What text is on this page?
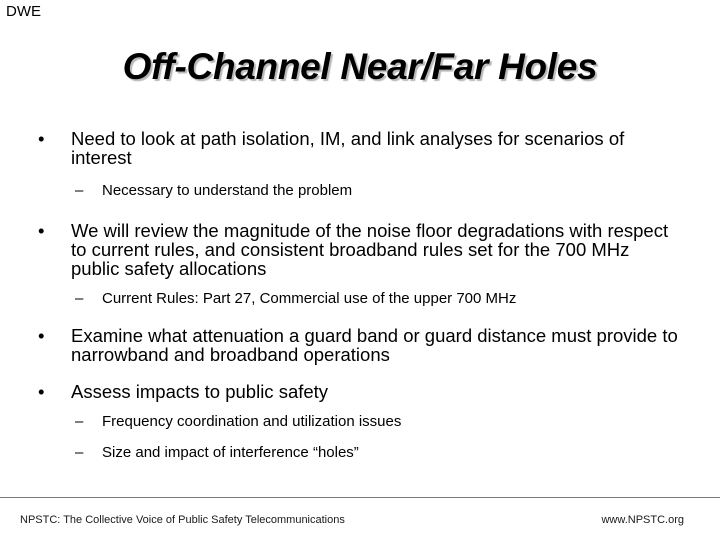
DWE
Off-Channel Near/Far Holes
• Need to look at path isolation, IM, and link analyses for scenarios of interest
– Necessary to understand the problem
• We will review the magnitude of the noise floor degradations with respect to current rules, and consistent broadband rules set for the 700 MHz public safety allocations
– Current Rules: Part 27, Commercial use of the upper 700 MHz
• Examine what attenuation a guard band or guard distance must provide to narrowband and broadband operations
• Assess impacts to public safety
– Frequency coordination and utilization issues
– Size and impact of interference “holes”
NPSTC: The Collective Voice of Public Safety Telecommunications	www.NPSTC.org
